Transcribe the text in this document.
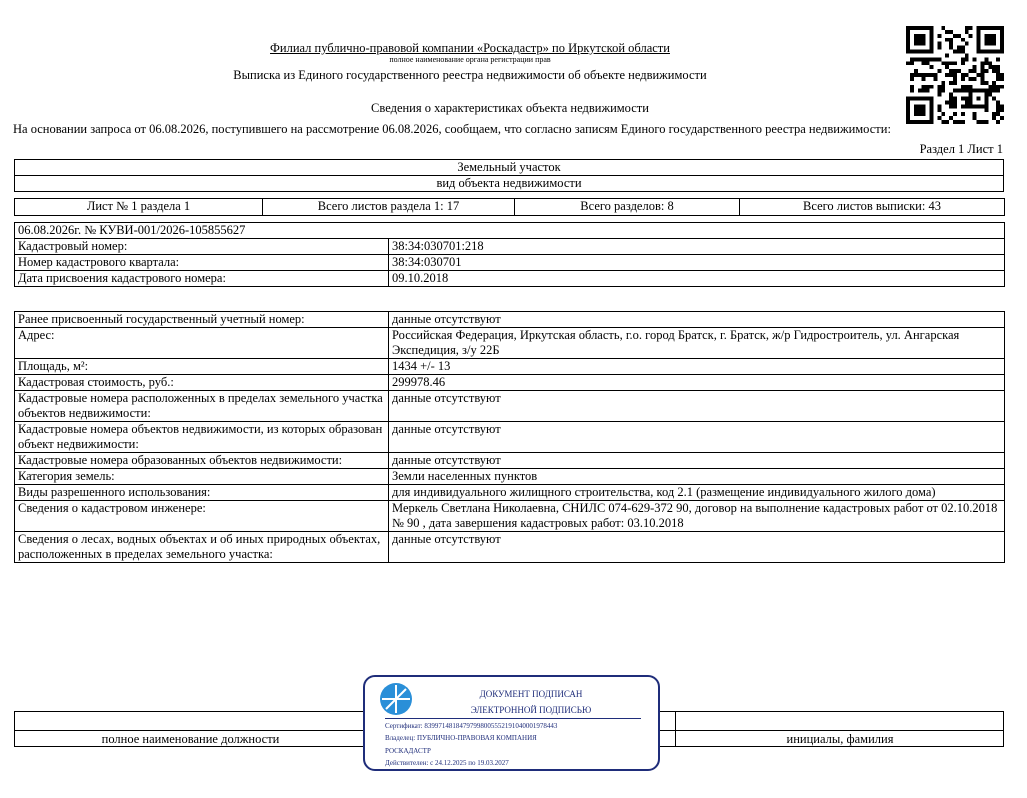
Филиал публично-правовой компании «Роскадастр» по Иркутской области
полное наименование органа регистрации прав
Выписка из Единого государственного реестра недвижимости об объекте недвижимости
Сведения о характеристиках объекта недвижимости
На основании запроса от 06.08.2026, поступившего на рассмотрение 06.08.2026, сообщаем, что согласно записям Единого государственного реестра недвижимости:
Раздел 1 Лист 1
Земельный участок
вид объекта недвижимости
Лист № 1 раздела 1	Всего листов раздела 1: 17	Всего разделов: 8	Всего листов выписки: 43
06.08.2026г. № КУВИ-001/2026-105855627	
Кадастровый номер:	38:34:030701:218
Номер кадастрового квартала:	38:34:030701
Дата присвоения кадастрового номера:	09.10.2018
Ранее присвоенный государственный учетный номер:	данные отсутствуют
Адрес:	Российская Федерация, Иркутская область, г.о. город Братск, г. Братск, ж/р Гидростроитель, ул. Ангарская Экспедиция, з/у 22Б
Площадь, м²:	1434 +/- 13
Кадастровая стоимость, руб.:	299978.46
Кадастровые номера расположенных в пределах земельного участка объектов недвижимости:	данные отсутствуют
Кадастровые номера объектов недвижимости, из которых образован объект недвижимости:	данные отсутствуют
Кадастровые номера образованных объектов недвижимости:	данные отсутствуют
Категория земель:	Земли населенных пунктов
Виды разрешенного использования:	для индивидуального жилищного строительства, код 2.1 (размещение индивидуального жилого дома)
Сведения о кадастровом инженере:	Меркель Светлана Николаевна, СНИЛС 074-629-372 90, договор на выполнение кадастровых работ от 02.10.2018 № 90 , дата завершения кадастровых работ: 03.10.2018
Сведения о лесах, водных объектах и об иных природных объектах, расположенных в пределах земельного участка:	данные отсутствуют
полное наименование должности	инициалы, фамилия
ДОКУМЕНТ ПОДПИСАН
ЭЛЕКТРОННОЙ ПОДПИСЬЮ
Сертификат: 83997148184797998005552191040001978443
Владелец: ПУБЛИЧНО-ПРАВОВАЯ КОМПАНИЯ
РОСКАДАСТР
Действителен: с 24.12.2025 по 19.03.2027
